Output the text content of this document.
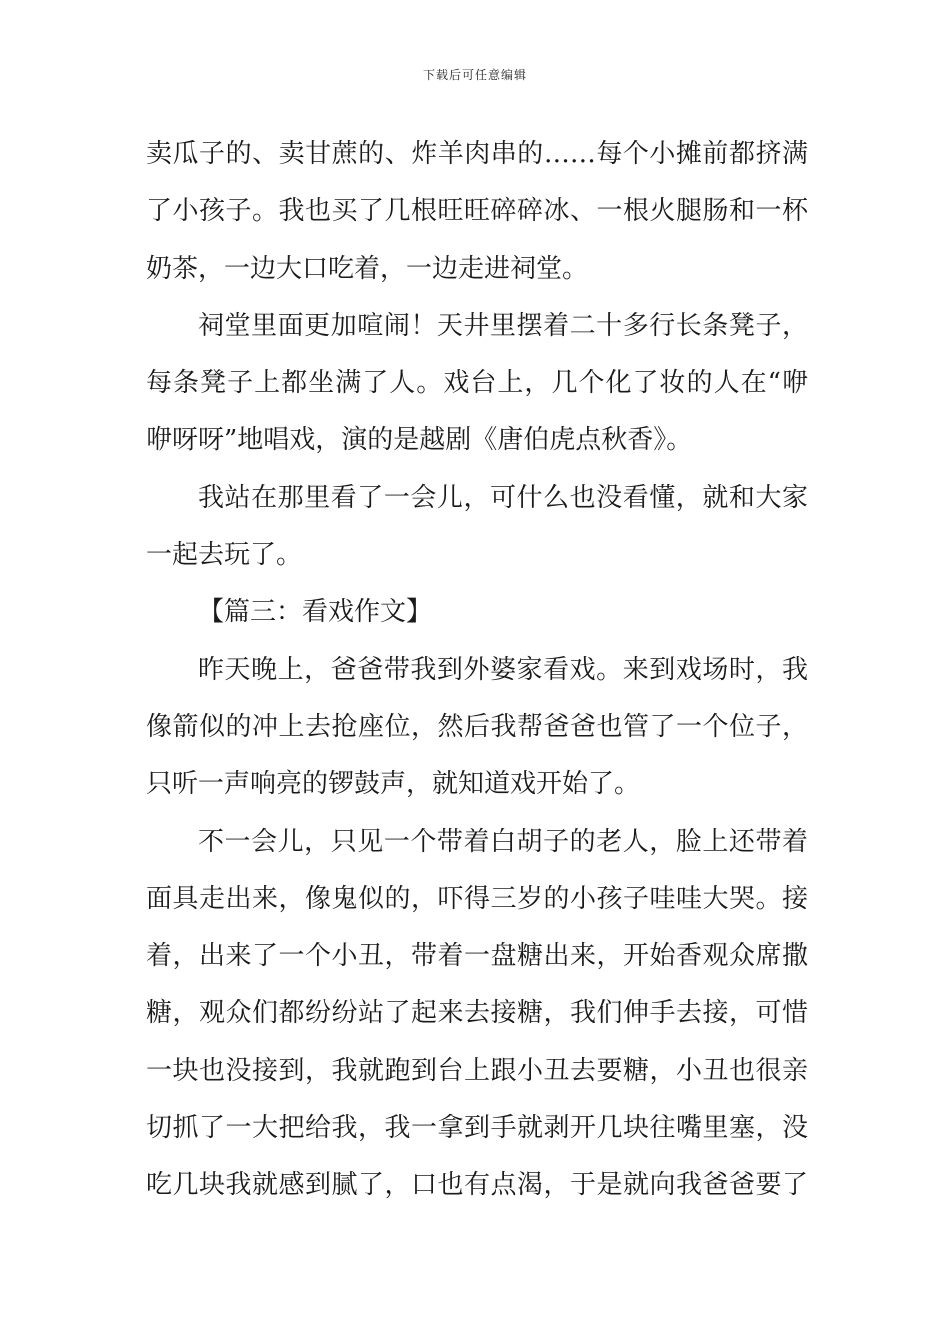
下载后可任意编辑
卖瓜子的、卖甘蔗的、炸羊肉串的……每个小摊前都挤满
了小孩子。我也买了几根旺旺碎碎冰、一根火腿肠和一杯
奶茶，一边大口吃着，一边走进祠堂。
祠堂里面更加喧闹！天井里摆着二十多行长条凳子，
每条凳子上都坐满了人。戏台上，几个化了妆的人在“咿
咿呀呀”地唱戏，演的是越剧《唐伯虎点秋香》。
我站在那里看了一会儿，可什么也没看懂，就和大家
一起去玩了。
【篇三：看戏作文】
昨天晚上，爸爸带我到外婆家看戏。来到戏场时，我
像箭似的冲上去抢座位，然后我帮爸爸也管了一个位子，
只听一声响亮的锣鼓声，就知道戏开始了。
不一会儿，只见一个带着白胡子的老人，脸上还带着
面具走出来，像鬼似的，吓得三岁的小孩子哇哇大哭。接
着，出来了一个小丑，带着一盘糖出来，开始香观众席撒
糖，观众们都纷纷站了起来去接糖，我们伸手去接，可惜
一块也没接到，我就跑到台上跟小丑去要糖，小丑也很亲
切抓了一大把给我，我一拿到手就剥开几块往嘴里塞，没
吃几块我就感到腻了，口也有点渴，于是就向我爸爸要了
